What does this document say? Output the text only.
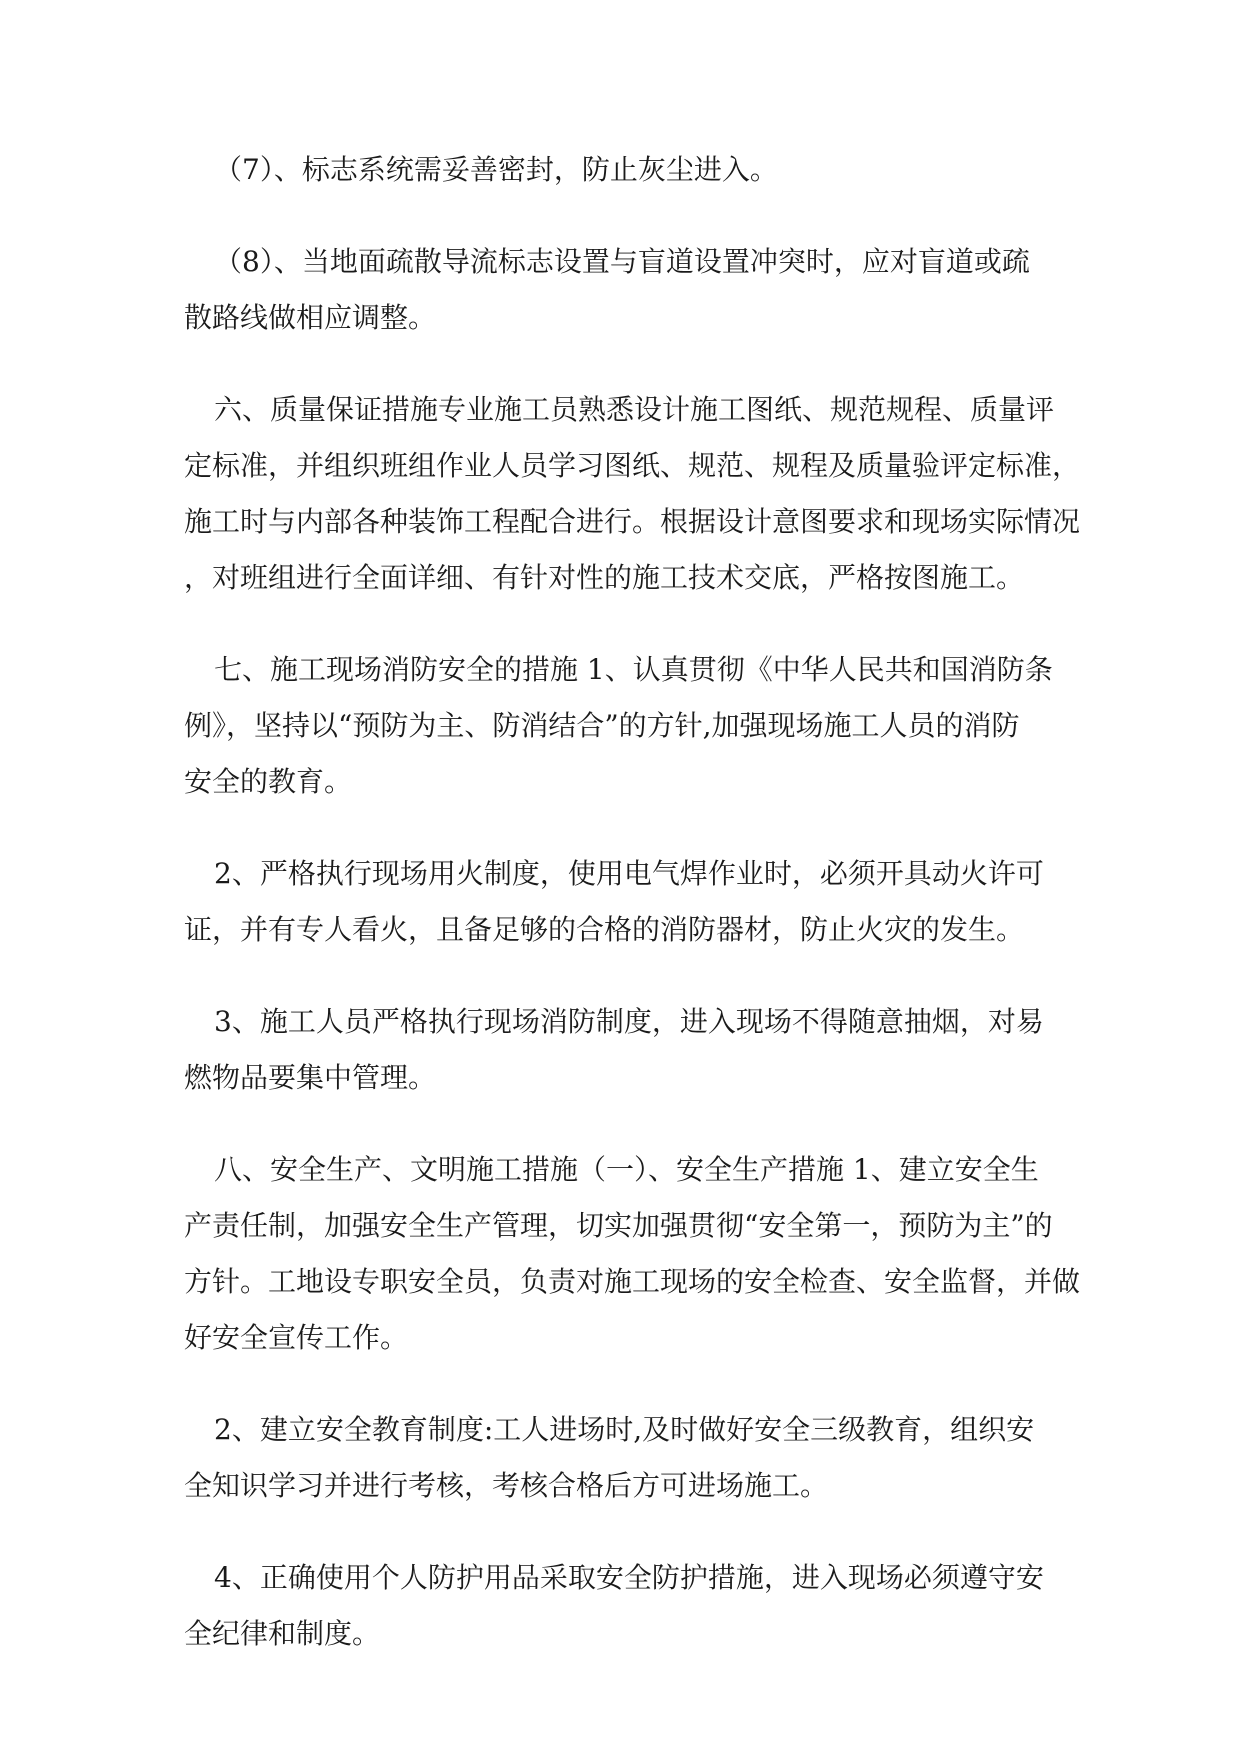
（7）、标志系统需妥善密封，防止灰尘进入。

（8）、当地面疏散导流标志设置与盲道设置冲突时，应对盲道或疏
散路线做相应调整。

六、质量保证措施专业施工员熟悉设计施工图纸、规范规程、质量评
定标准，并组织班组作业人员学习图纸、规范、规程及质量验评定标准，
施工时与内部各种装饰工程配合进行。根据设计意图要求和现场实际情况
，对班组进行全面详细、有针对性的施工技术交底，严格按图施工。

七、施工现场消防安全的措施 1、认真贯彻《中华人民共和国消防条
例》，坚持以“预防为主、防消结合”的方针,加强现场施工人员的消防
安全的教育。

2、严格执行现场用火制度，使用电气焊作业时，必须开具动火许可
证，并有专人看火，且备足够的合格的消防器材，防止火灾的发生。

3、施工人员严格执行现场消防制度，进入现场不得随意抽烟，对易
燃物品要集中管理。

八、安全生产、文明施工措施（一）、安全生产措施 1、建立安全生
产责任制，加强安全生产管理，切实加强贯彻“安全第一，预防为主”的
方针。工地设专职安全员，负责对施工现场的安全检查、安全监督，并做
好安全宣传工作。

2、建立安全教育制度:工人进场时,及时做好安全三级教育，组织安
全知识学习并进行考核，考核合格后方可进场施工。

4、正确使用个人防护用品采取安全防护措施，进入现场必须遵守安
全纪律和制度。
